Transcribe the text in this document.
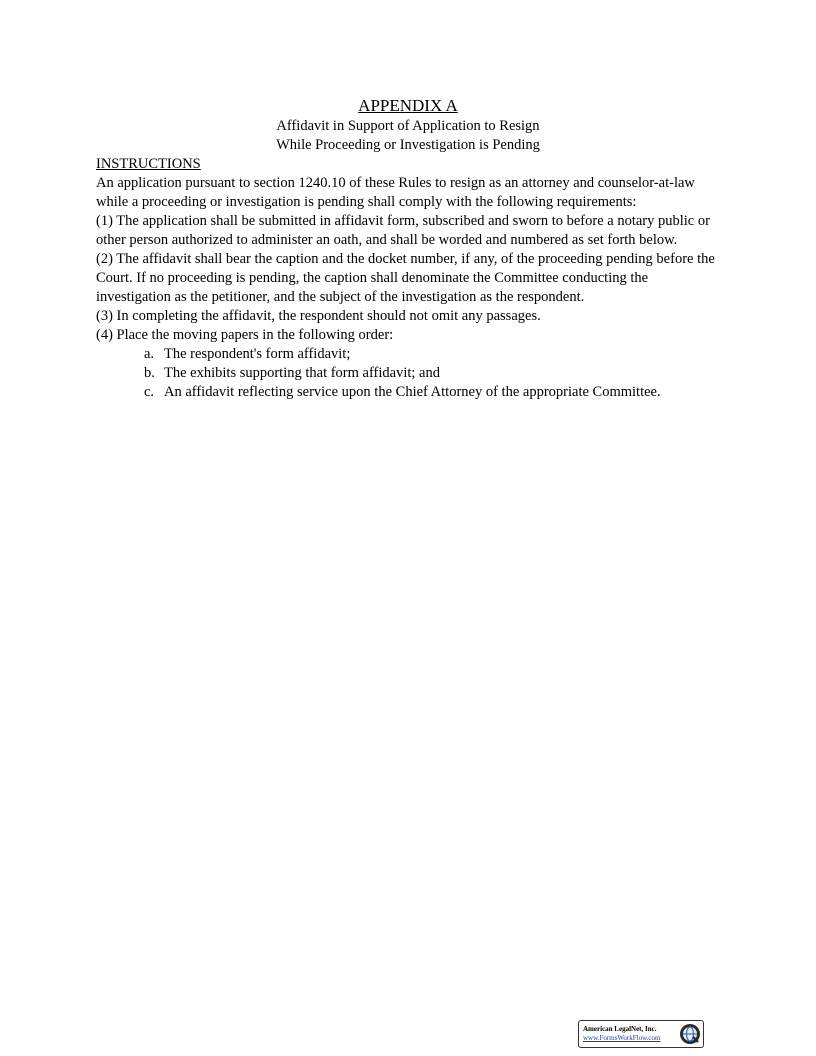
APPENDIX A
Affidavit in Support of Application to Resign
While Proceeding or Investigation is Pending
INSTRUCTIONS

An application pursuant to section 1240.10 of these Rules to resign as an attorney and counselor-at-law while a proceeding or investigation is pending shall comply with the following requirements:

(1) The application shall be submitted in affidavit form, subscribed and sworn to before a notary public or other person authorized to administer an oath, and shall be worded and numbered as set forth below.

(2) The affidavit shall bear the caption and the docket number, if any, of the proceeding pending before the Court. If no proceeding is pending, the caption shall denominate the Committee conducting the investigation as the petitioner, and the subject of the investigation as the respondent.

(3) In completing the affidavit, the respondent should not omit any passages.

(4) Place the moving papers in the following order:

a. The respondent's form affidavit;
b. The exhibits supporting that form affidavit; and
c. An affidavit reflecting service upon the Chief Attorney of the appropriate Committee.
American LegalNet, Inc.
www.FormsWorkFlow.com
